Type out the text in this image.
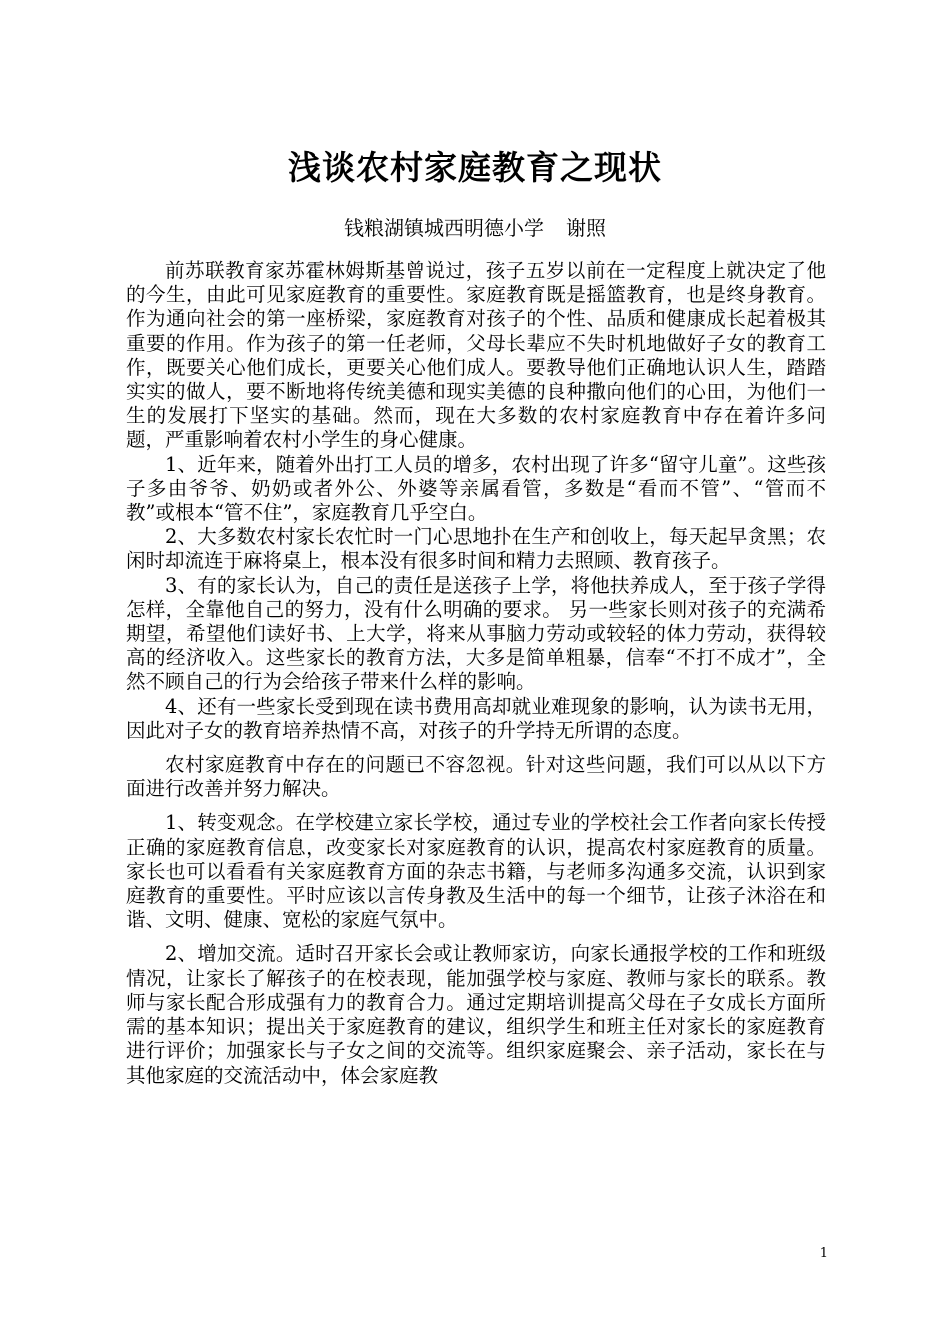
浅谈农村家庭教育之现状

钱粮湖镇城西明德小学 谢照

前苏联教育家苏霍林姆斯基曾说过，孩子五岁以前在一定程度上就决定了他的今生，由此可见家庭教育的重要性。家庭教育既是摇篮教育，也是终身教育。作为通向社会的第一座桥梁，家庭教育对孩子的个性、品质和健康成长起着极其重要的作用。作为孩子的第一任老师，父母长辈应不失时机地做好子女的教育工作，既要关心他们成长，更要关心他们成人。要教导他们正确地认识人生，踏踏实实的做人，要不断地将传统美德和现实美德的良种撒向他们的心田，为他们一生的发展打下坚实的基础。然而，现在大多数的农村家庭教育中存在着许多问题，严重影响着农村小学生的身心健康。

1、近年来，随着外出打工人员的增多，农村出现了许多“留守儿童”。这些孩子多由爷爷、奶奶或者外公、外婆等亲属看管，多数是“看而不管”、“管而不教”或根本“管不住”，家庭教育几乎空白。

2、大多数农村家长农忙时一门心思地扑在生产和创收上，每天起早贪黑；农闲时却流连于麻将桌上，根本没有很多时间和精力去照顾、教育孩子。

3、有的家长认为，自己的责任是送孩子上学，将他扶养成人，至于孩子学得怎样，全靠他自己的努力，没有什么明确的要求。 另一些家长则对孩子的充满希期望，希望他们读好书、上大学，将来从事脑力劳动或较轻的体力劳动，获得较高的经济收入。这些家长的教育方法，大多是简单粗暴，信奉“不打不成才”，全然不顾自己的行为会给孩子带来什么样的影响。

4、还有一些家长受到现在读书费用高却就业难现象的影响，认为读书无用，因此对子女的教育培养热情不高，对孩子的升学持无所谓的态度。

农村家庭教育中存在的问题已不容忽视。针对这些问题，我们可以从以下方面进行改善并努力解决。

1、转变观念。在学校建立家长学校，通过专业的学校社会工作者向家长传授正确的家庭教育信息，改变家长对家庭教育的认识，提高农村家庭教育的质量。家长也可以看看有关家庭教育方面的杂志书籍，与老师多沟通多交流，认识到家庭教育的重要性。平时应该以言传身教及生活中的每一个细节，让孩子沐浴在和谐、文明、健康、宽松的家庭气氛中。

2、增加交流。适时召开家长会或让教师家访，向家长通报学校的工作和班级情况，让家长了解孩子的在校表现，能加强学校与家庭、教师与家长的联系。教师与家长配合形成强有力的教育合力。通过定期培训提高父母在子女成长方面所需的基本知识；提出关于家庭教育的建议，组织学生和班主任对家长的家庭教育进行评价；加强家长与子女之间的交流等。组织家庭聚会、亲子活动，家长在与其他家庭的交流活动中，体会家庭教

1
